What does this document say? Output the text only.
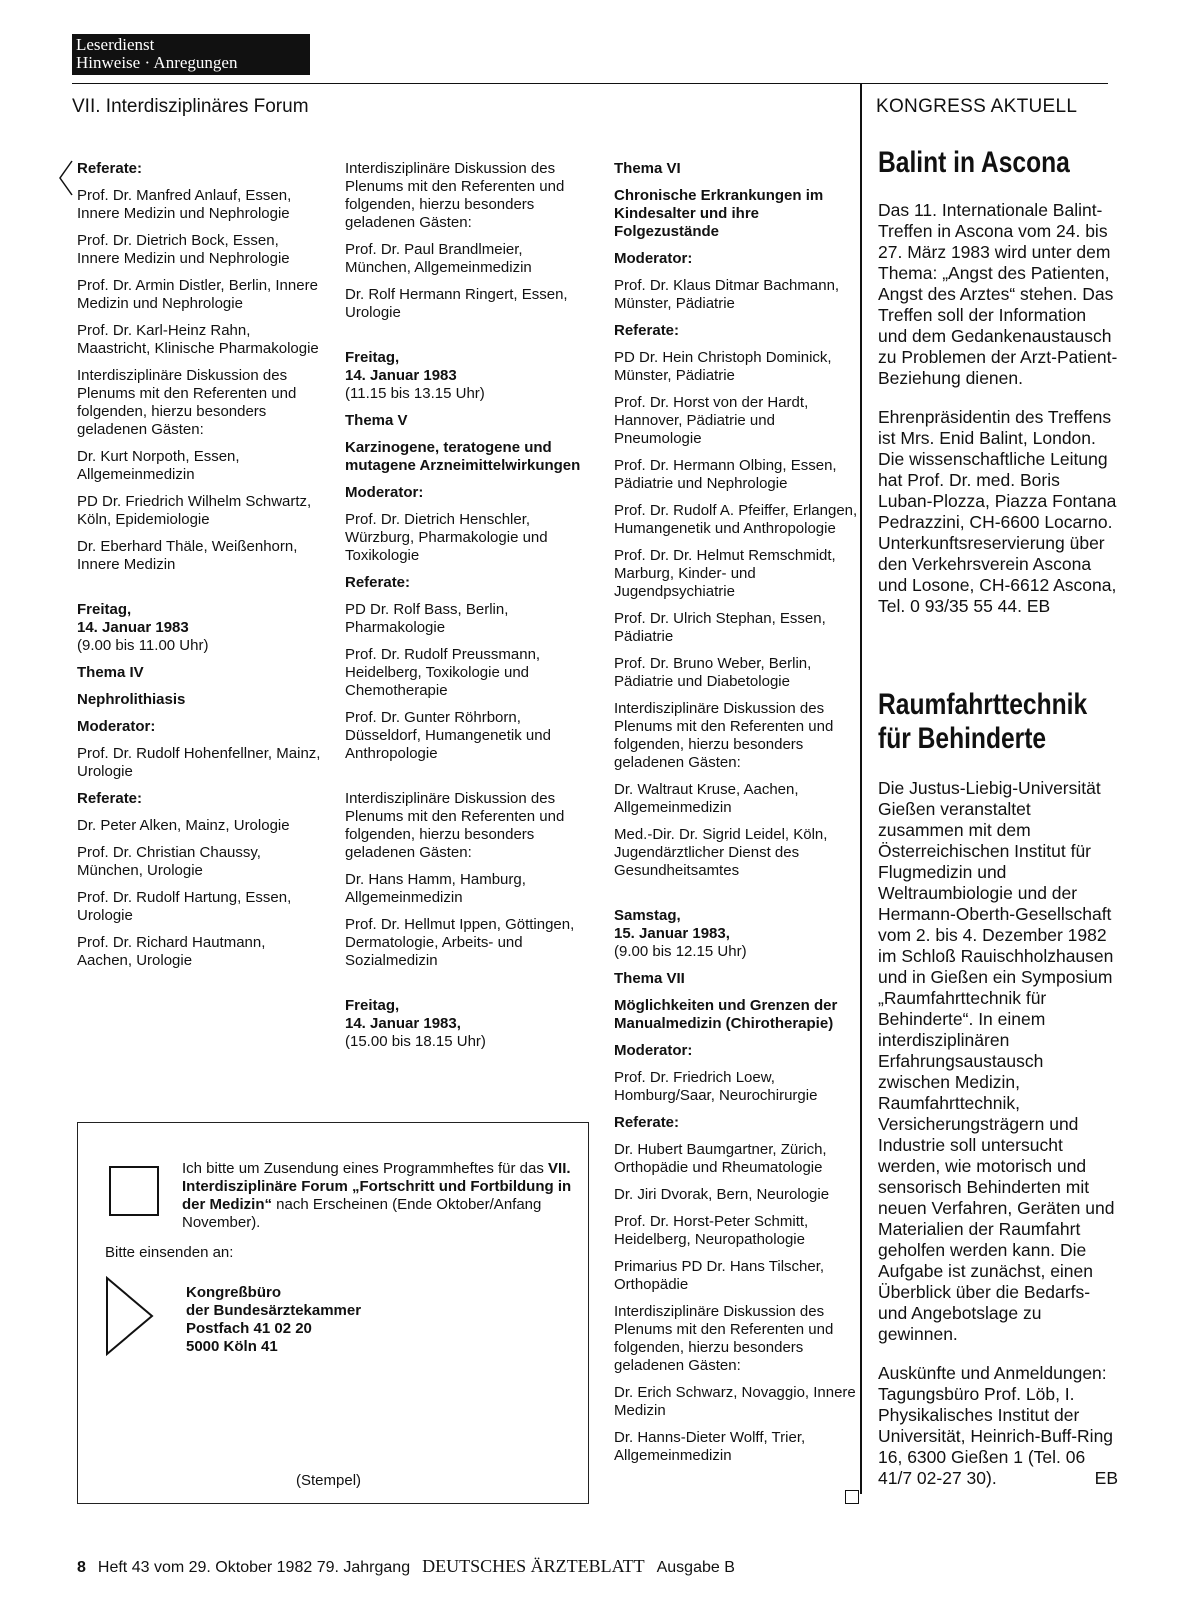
Leserdienst
Hinweise · Anregungen
VII. Interdisziplinäres Forum	KONGRESS AKTUELL

Referate:

Prof. Dr. Manfred Anlauf, Essen, Innere Medizin und Nephrologie

Prof. Dr. Dietrich Bock, Essen, Innere Medizin und Nephrologie

Prof. Dr. Armin Distler, Berlin, Innere Medizin und Nephrologie

Prof. Dr. Karl-Heinz Rahn, Maastricht, Klinische Pharmakologie

Interdisziplinäre Diskussion des Plenums mit den Referenten und folgenden, hierzu besonders geladenen Gästen:

Dr. Kurt Norpoth, Essen, Allgemeinmedizin

PD Dr. Friedrich Wilhelm Schwartz, Köln, Epidemiologie

Dr. Eberhard Thäle, Weißenhorn, Innere Medizin

Freitag,
14. Januar 1983

(9.00 bis 11.00 Uhr)

Thema IV

Nephrolithiasis

Moderator:

Prof. Dr. Rudolf Hohenfellner, Mainz, Urologie

Referate:

Dr. Peter Alken, Mainz, Urologie

Prof. Dr. Christian Chaussy, München, Urologie

Prof. Dr. Rudolf Hartung, Essen, Urologie

Prof. Dr. Richard Hautmann, Aachen, Urologie

Interdisziplinäre Diskussion des Plenums mit den Referenten und folgenden, hierzu besonders geladenen Gästen:

Prof. Dr. Paul Brandlmeier, München, Allgemeinmedizin

Dr. Rolf Hermann Ringert, Essen, Urologie

Freitag,
14. Januar 1983

(11.15 bis 13.15 Uhr)

Thema V

Karzinogene, teratogene und mutagene Arzneimittelwirkungen

Moderator:

Prof. Dr. Dietrich Henschler, Würzburg, Pharmakologie und Toxikologie

Referate:

PD Dr. Rolf Bass, Berlin, Pharmakologie

Prof. Dr. Rudolf Preussmann, Heidelberg, Toxikologie und Chemotherapie

Prof. Dr. Gunter Röhrborn, Düsseldorf, Humangenetik und Anthropologie

Interdisziplinäre Diskussion des Plenums mit den Referenten und folgenden, hierzu besonders geladenen Gästen:

Dr. Hans Hamm, Hamburg, Allgemeinmedizin

Prof. Dr. Hellmut Ippen, Göttingen, Dermatologie, Arbeits- und Sozialmedizin

Freitag,
14. Januar 1983,
(15.00 bis 18.15 Uhr)

Thema VI

Chronische Erkrankungen im Kindesalter und ihre Folgezustände

Moderator:

Prof. Dr. Klaus Ditmar Bachmann, Münster, Pädiatrie

Referate:

PD Dr. Hein Christoph Dominick, Münster, Pädiatrie

Prof. Dr. Horst von der Hardt, Hannover, Pädiatrie und Pneumologie

Prof. Dr. Hermann Olbing, Essen, Pädiatrie und Nephrologie

Prof. Dr. Rudolf A. Pfeiffer, Erlangen, Humangenetik und Anthropologie

Prof. Dr. Dr. Helmut Remschmidt, Marburg, Kinder- und Jugendpsychiatrie

Prof. Dr. Ulrich Stephan, Essen, Pädiatrie

Prof. Dr. Bruno Weber, Berlin, Pädiatrie und Diabetologie

Interdisziplinäre Diskussion des Plenums mit den Referenten und folgenden, hierzu besonders geladenen Gästen:

Dr. Waltraut Kruse, Aachen, Allgemeinmedizin

Med.-Dir. Dr. Sigrid Leidel, Köln, Jugendärztlicher Dienst des Gesundheitsamtes

Samstag,
15. Januar 1983,

(9.00 bis 12.15 Uhr)

Thema VII

Möglichkeiten und Grenzen der Manualmedizin (Chirotherapie)

Moderator:

Prof. Dr. Friedrich Loew, Homburg/Saar, Neurochirurgie

Referate:

Dr. Hubert Baumgartner, Zürich, Orthopädie und Rheumatologie

Dr. Jiri Dvorak, Bern, Neurologie

Prof. Dr. Horst-Peter Schmitt, Heidelberg, Neuropathologie

Primarius PD Dr. Hans Tilscher, Orthopädie

Interdisziplinäre Diskussion des Plenums mit den Referenten und folgenden, hierzu besonders geladenen Gästen:

Dr. Erich Schwarz, Novaggio, Innere Medizin

Dr. Hanns-Dieter Wolff, Trier, Allgemeinmedizin

Ich bitte um Zusendung eines Programmheftes für das VII. Interdisziplinäre Forum „Fortschritt und Fortbildung in der Medizin“ nach Erscheinen (Ende Oktober/Anfang November).
Bitte einsenden an:
Kongreßbüro
der Bundesärztekammer
Postfach 41 02 20
5000 Köln 41
(Stempel)
Balint in Ascona

Das 11. Internationale Balint-Treffen in Ascona vom 24. bis 27. März 1983 wird unter dem Thema: „Angst des Patienten, Angst des Arztes“ stehen. Das Treffen soll der Information und dem Gedankenaustausch zu Problemen der Arzt-Patient-Beziehung dienen.

Ehrenpräsidentin des Treffens ist Mrs. Enid Balint, London. Die wissenschaftliche Leitung hat Prof. Dr. med. Boris Luban-Plozza, Piazza Fontana Pedrazzini, CH-6600 Locarno. Unterkunftsreservierung über den Verkehrsverein Ascona und Losone, CH-6612 Ascona, Tel. 0 93/35 55 44. EB

Raumfahrttechnik
für Behinderte

Die Justus-Liebig-Universität Gießen veranstaltet zusammen mit dem Österreichischen Institut für Flugmedizin und Weltraumbiologie und der Hermann-Oberth-Gesellschaft vom 2. bis 4. Dezember 1982 im Schloß Rauischholzhausen und in Gießen ein Symposium „Raumfahrttechnik für Behinderte“. In einem interdisziplinären Erfahrungsaustausch zwischen Medizin, Raumfahrttechnik, Versicherungsträgern und Industrie soll untersucht werden, wie motorisch und sensorisch Behinderten mit neuen Verfahren, Geräten und Materialien der Raumfahrt geholfen werden kann. Die Aufgabe ist zunächst, einen Überblick über die Bedarfs- und Angebotslage zu gewinnen.

Auskünfte und Anmeldungen: Tagungsbüro Prof. Löb, I. Physikalisches Institut der Universität, Heinrich-Buff-Ring 16, 6300 Gießen 1 (Tel. 06 41/7 02-27 30).	EB
8 Heft 43 vom 29. Oktober 1982 79. Jahrgang DEUTSCHES ÄRZTEBLATT Ausgabe B
